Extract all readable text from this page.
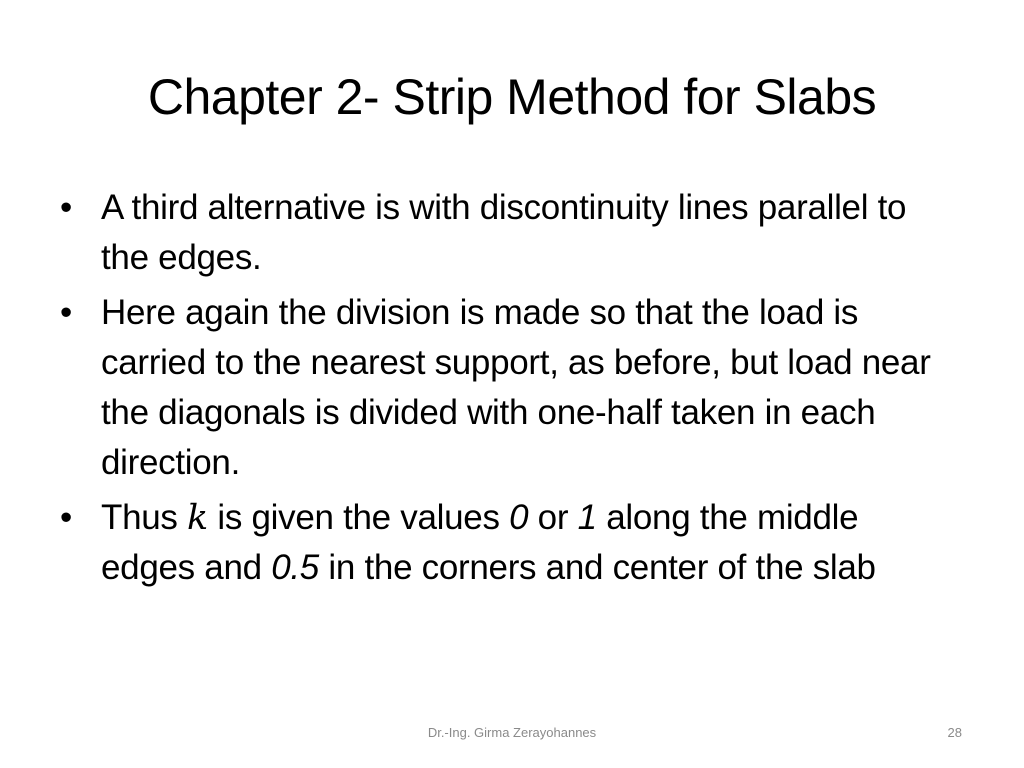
Chapter 2- Strip Method for Slabs
• A third alternative is with discontinuity lines parallel to the edges.
• Here again the division is made so that the load is carried to the nearest support, as before, but load near the diagonals is divided with one-half taken in each direction.
• Thus k is given the values 0 or 1 along the middle edges and 0.5 in the corners and center of the slab
Dr.-Ing. Girma Zerayohannes	28
